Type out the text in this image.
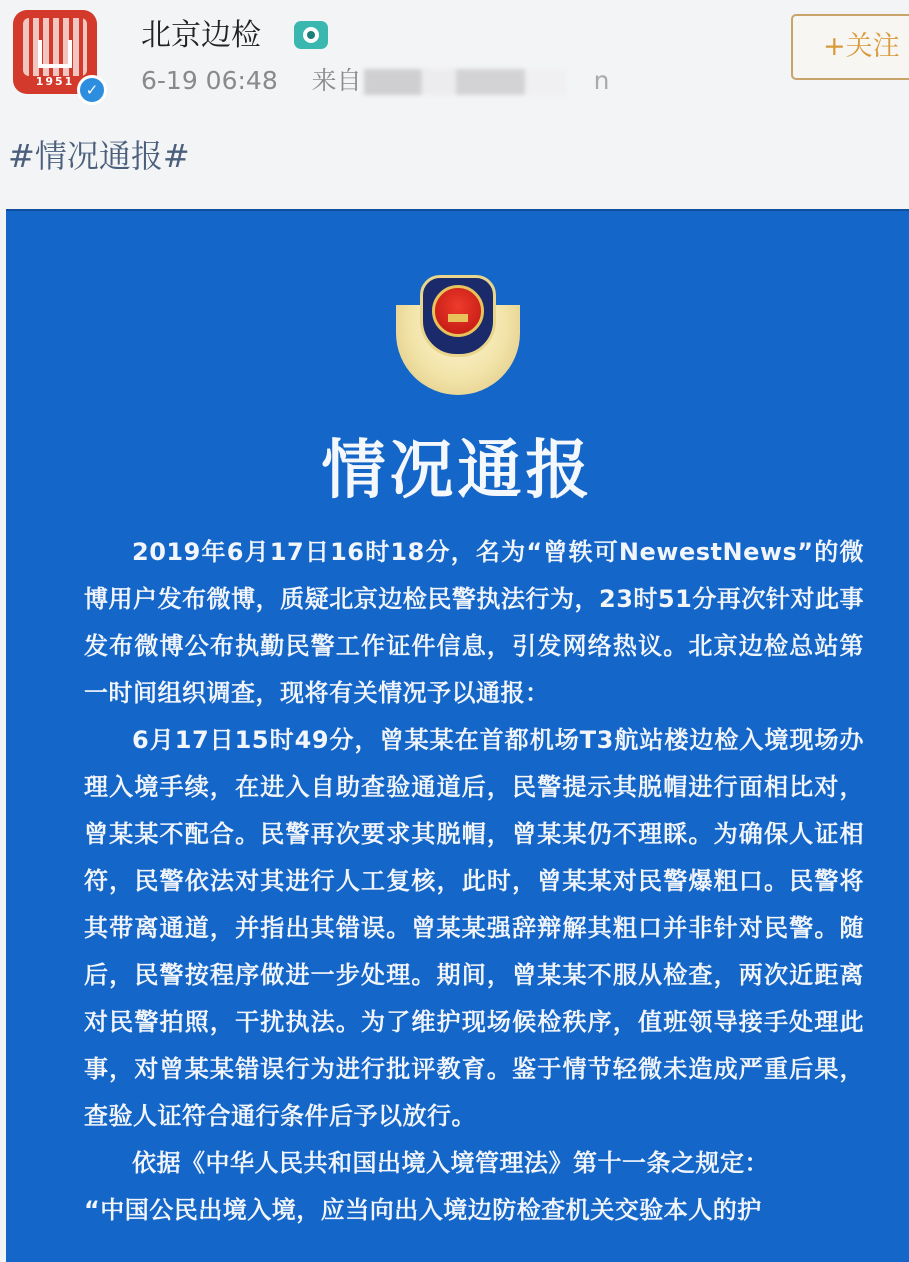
1951 ✓
北京边检
6-19 06:48 来自	n
+关注
#情况通报#
情况通报

2019年6月17日16时18分，名为“曾轶可NewestNews”的微博用户发布微博，质疑北京边检民警执法行为，23时51分再次针对此事发布微博公布执勤民警工作证件信息，引发网络热议。北京边检总站第一时间组织调查，现将有关情况予以通报：

6月17日15时49分，曾某某在首都机场T3航站楼边检入境现场办理入境手续，在进入自助查验通道后，民警提示其脱帽进行面相比对，曾某某不配合。民警再次要求其脱帽，曾某某仍不理睬。为确保人证相符，民警依法对其进行人工复核，此时，曾某某对民警爆粗口。民警将其带离通道，并指出其错误。曾某某强辞辩解其粗口并非针对民警。随后，民警按程序做进一步处理。期间，曾某某不服从检查，两次近距离对民警拍照，干扰执法。为了维护现场候检秩序，值班领导接手处理此事，对曾某某错误行为进行批评教育。鉴于情节轻微未造成严重后果，查验人证符合通行条件后予以放行。

依据《中华人民共和国出境入境管理法》第十一条之规定：

“中国公民出境入境，应当向出入境边防检查机关交验本人的护
